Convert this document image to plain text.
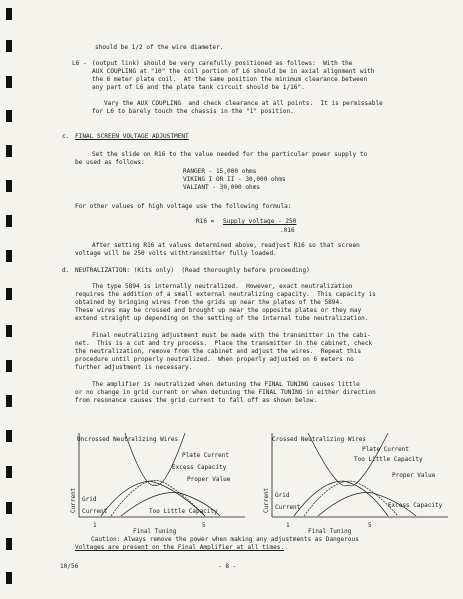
should be 1/2 of the wire diameter.
L6 - (output link) should be very carefully positioned as follows:  With the
AUX COUPLING at "10" the coil portion of L6 should be in axial alignment with
the 6 meter plate coil.  At the same position the minimum clearance between
any part of L6 and the plate tank circuit should be 1/16".
Vary the AUX COUPLING  and check clearance at all points.  It is permissable
for L6 to barely touch the chassis in the "1" position.
c. FINAL SCREEN VOLTAGE ADJUSTMENT
Set the slide on R16 to the value needed for the particular power supply to
be used as follows:
RANGER - 15,000 ohms
VIKING I OR II - 30,000 ohms
VALIANT - 30,000 ohms
For other values of high voltage use the following formula:
R16 = Supply voltage - 250
.016
After setting R16 at values determined above, readjust R16 so that screen
voltage will be 250 volts withtransmitter fully loaded.
d. NEUTRALIZATION: (Kits only)  (Read thoroughly before proceeding)
The type 5894 is internally neutralized.  However, exact neutralization
requires the addition of a small external neutralizing capacity.  This capacity is
obtained by bringing wires from the grids up near the plates of the 5894.
These wires may be crossed and brought up near the opposite plates or they may
extend straight up depending on the setting of the internal tube neutralization.
Final neutralizing adjustment must be made with the transmitter in the cabi-
net.  This is a cut and try process.  Place the transmitter in the cabinet, check
the neutralization, remove from the cabinet and adjust the wires.  Repeat this
procedure until properly neutralized.  When properly adjusted on 6 meters no
further adjustment is necessary.
The amplifier is neutralized when detuning the FINAL TUNING causes little
or no change in grid current or when detuning the FINAL TUNING in either direction
from resonance causes the grid current to fall off as shown below.
Uncrossed Neutralizing Wires
Current
Plate Current
Excess Capacity
Proper Value
Grid
Current	Too Little Capacity
1	5
Final Tuning
Crossed Neutralizing Wires
Current
Plate Current
Too Little Capacity
Proper Value
Grid
Current	Excess Capacity
1	5
Final Tuning
Caution: Always remove the power when making any adjustments as Dangerous
Voltages are present on the Final Amplifier at all times.
10/56	- 8 -
